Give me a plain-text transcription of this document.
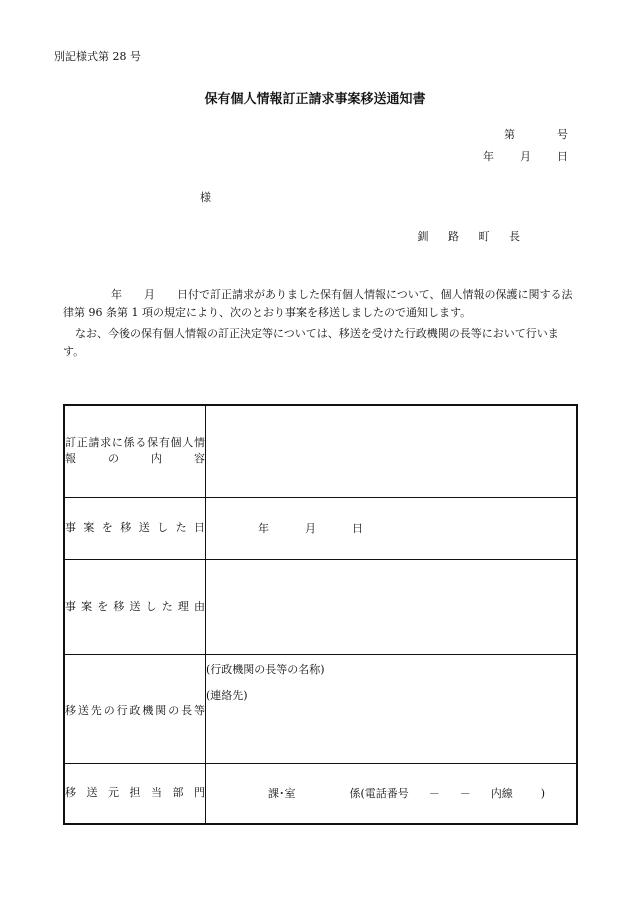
別記様式第 28 号
保有個人情報訂正請求事案移送通知書
第	号
年 月 日
様
釧 路 町 長
年　　月　　日付で訂正請求がありました保有個人情報について、個人情報の保護に関する法律第 96 条第 1 項の規定により、次のとおり事案を移送しましたので通知します。
なお、今後の保有個人情報の訂正決定等については、移送を受けた行政機関の長等において行います。
訂正請求に係る保有個人情報の内容	
事案を移送した日	年 月 日
事案を移送した理由	

移送先の行政機関の長等	(行政機関の長等の名称)
(連絡先)

移送元担当部門	課･室 係(電話番号 － － 内線 )
